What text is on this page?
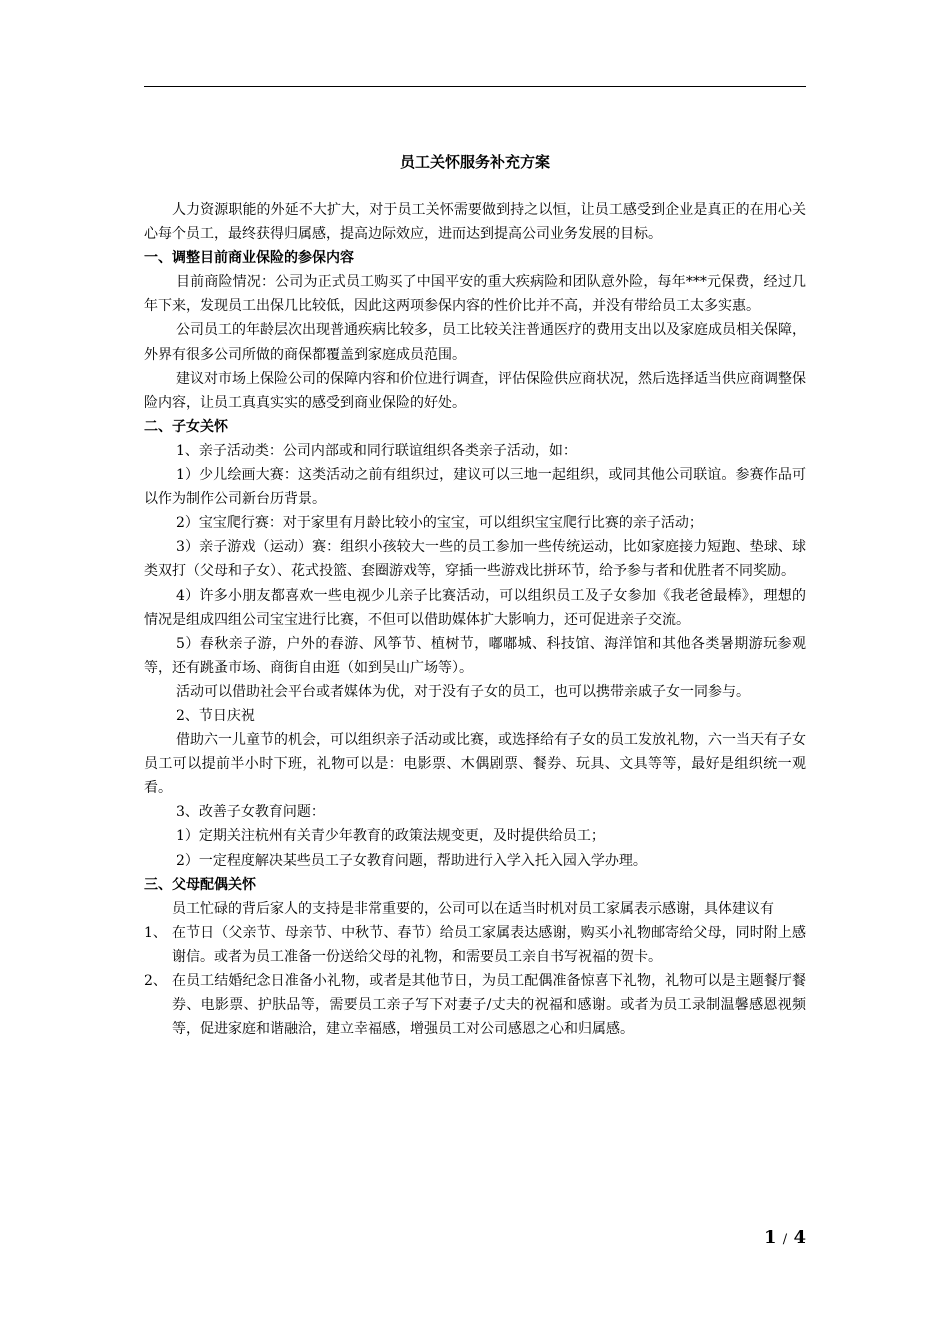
员工关怀服务补充方案

人力资源职能的外延不大扩大，对于员工关怀需要做到持之以恒，让员工感受到企业是真正的在用心关心每个员工，最终获得归属感，提高边际效应，进而达到提高公司业务发展的目标。

一、调整目前商业保险的参保内容

目前商险情况：公司为正式员工购买了中国平安的重大疾病险和团队意外险，每年***元保费，经过几年下来，发现员工出保几比较低，因此这两项参保内容的性价比并不高，并没有带给员工太多实惠。

公司员工的年龄层次出现普通疾病比较多，员工比较关注普通医疗的费用支出以及家庭成员相关保障，外界有很多公司所做的商保都覆盖到家庭成员范围。

建议对市场上保险公司的保障内容和价位进行调查，评估保险供应商状况，然后选择适当供应商调整保险内容，让员工真真实实的感受到商业保险的好处。

二、子女关怀

1、亲子活动类：公司内部或和同行联谊组织各类亲子活动，如：

1）少儿绘画大赛：这类活动之前有组织过，建议可以三地一起组织，或同其他公司联谊。参赛作品可以作为制作公司新台历背景。

2）宝宝爬行赛：对于家里有月龄比较小的宝宝，可以组织宝宝爬行比赛的亲子活动；

3）亲子游戏（运动）赛：组织小孩较大一些的员工参加一些传统运动，比如家庭接力短跑、垫球、球类双打（父母和子女）、花式投篮、套圈游戏等，穿插一些游戏比拼环节，给予参与者和优胜者不同奖励。

4）许多小朋友都喜欢一些电视少儿亲子比赛活动，可以组织员工及子女参加《我老爸最棒》，理想的情况是组成四组公司宝宝进行比赛，不但可以借助媒体扩大影响力，还可促进亲子交流。

5）春秋亲子游，户外的春游、风筝节、植树节，嘟嘟城、科技馆、海洋馆和其他各类暑期游玩参观等，还有跳蚤市场、商街自由逛（如到吴山广场等）。

活动可以借助社会平台或者媒体为优，对于没有子女的员工，也可以携带亲戚子女一同参与。

2、节日庆祝

借助六一儿童节的机会，可以组织亲子活动或比赛，或选择给有子女的员工发放礼物，六一当天有子女员工可以提前半小时下班，礼物可以是：电影票、木偶剧票、餐券、玩具、文具等等，最好是组织统一观看。

3、改善子女教育问题：

1）定期关注杭州有关青少年教育的政策法规变更，及时提供给员工；

2）一定程度解决某些员工子女教育问题，帮助进行入学入托入园入学办理。

三、父母配偶关怀

员工忙碌的背后家人的支持是非常重要的，公司可以在适当时机对员工家属表示感谢，具体建议有

1、 在节日（父亲节、母亲节、中秋节、春节）给员工家属表达感谢，购买小礼物邮寄给父母，同时附上感谢信。或者为员工准备一份送给父母的礼物，和需要员工亲自书写祝福的贺卡。
2、 在员工结婚纪念日准备小礼物，或者是其他节日，为员工配偶准备惊喜下礼物，礼物可以是主题餐厅餐券、电影票、护肤品等，需要员工亲子写下对妻子/丈夫的祝福和感谢。或者为员工录制温馨感恩视频等，促进家庭和谐融洽，建立幸福感，增强员工对公司感恩之心和归属感。
1 / 4
